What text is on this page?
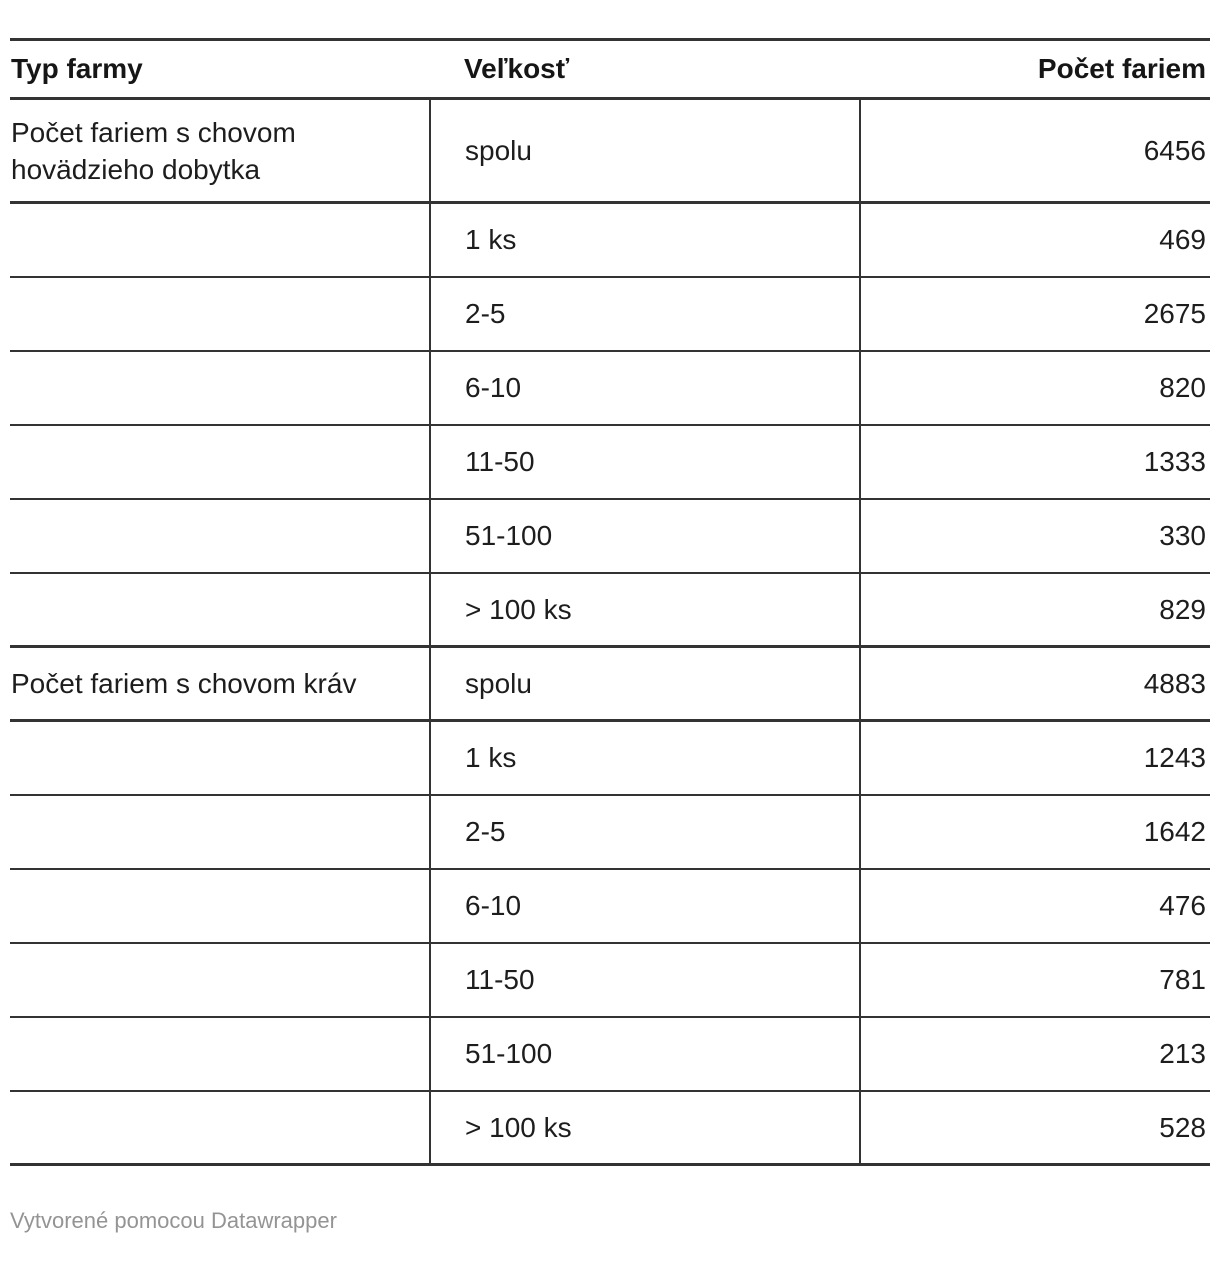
Typ farmy	Veľkosť	Počet fariem
Počet fariem s chovom hovädzieho dobytka	spolu	6456
	1 ks	469
	2-5	2675
	6-10	820
	11-50	1333
	51-100	330
	> 100 ks	829
Počet fariem s chovom kráv	spolu	4883
	1 ks	1243
	2-5	1642
	6-10	476
	11-50	781
	51-100	213
	> 100 ks	528
Vytvorené pomocou Datawrapper
